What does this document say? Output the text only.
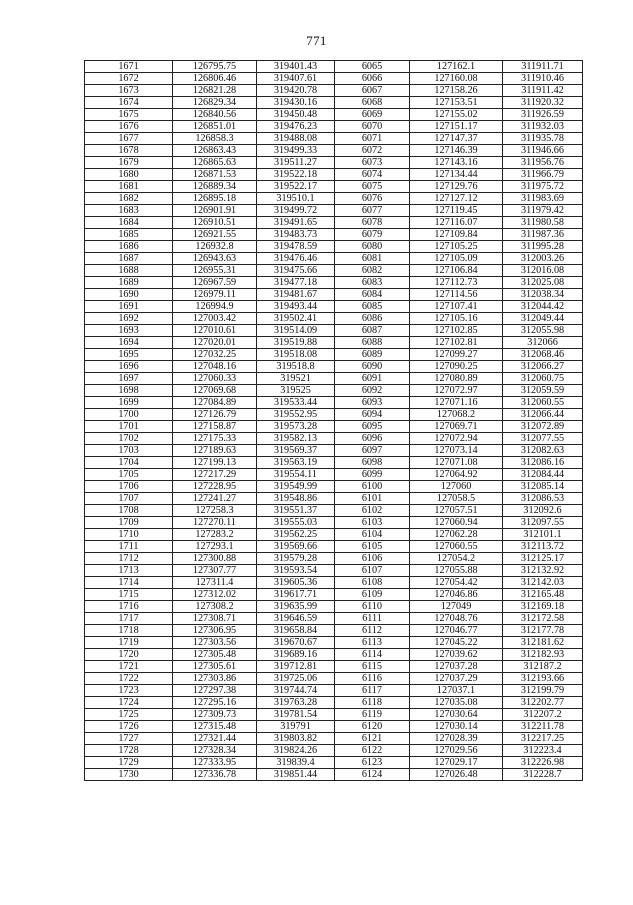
771
1671	126795.75	319401.43	6065	127162.1	311911.71
1672	126806.46	319407.61	6066	127160.08	311910.46
1673	126821.28	319420.78	6067	127158.26	311911.42
1674	126829.34	319430.16	6068	127153.51	311920.32
1675	126840.56	319450.48	6069	127155.02	311926.59
1676	126851.01	319476.23	6070	127151.17	311932.03
1677	126858.3	319488.08	6071	127147.37	311935.78
1678	126863.43	319499.33	6072	127146.39	311946.66
1679	126865.63	319511.27	6073	127143.16	311956.76
1680	126871.53	319522.18	6074	127134.44	311966.79
1681	126889.34	319522.17	6075	127129.76	311975.72
1682	126895.18	319510.1	6076	127127.12	311983.69
1683	126901.91	319499.72	6077	127119.45	311979.42
1684	126910.51	319491.65	6078	127116.07	311980.58
1685	126921.55	319483.73	6079	127109.84	311987.36
1686	126932.8	319478.59	6080	127105.25	311995.28
1687	126943.63	319476.46	6081	127105.09	312003.26
1688	126955.31	319475.66	6082	127106.84	312016.08
1689	126967.59	319477.18	6083	127112.73	312025.08
1690	126979.11	319481.67	6084	127114.56	312038.34
1691	126994.9	319493.44	6085	127107.41	312044.42
1692	127003.42	319502.41	6086	127105.16	312049.44
1693	127010.61	319514.09	6087	127102.85	312055.98
1694	127020.01	319519.88	6088	127102.81	312066
1695	127032.25	319518.08	6089	127099.27	312068.46
1696	127048.16	319518.8	6090	127090.25	312066.27
1697	127060.33	319521	6091	127080.89	312060.75
1698	127069.68	319525	6092	127072.97	312059.59
1699	127084.89	319533.44	6093	127071.16	312060.55
1700	127126.79	319552.95	6094	127068.2	312066.44
1701	127158.87	319573.28	6095	127069.71	312072.89
1702	127175.33	319582.13	6096	127072.94	312077.55
1703	127189.63	319569.37	6097	127073.14	312082.63
1704	127199.13	319563.19	6098	127071.08	312086.16
1705	127217.29	319554.11	6099	127064.92	312084.44
1706	127228.95	319549.99	6100	127060	312085.14
1707	127241.27	319548.86	6101	127058.5	312086.53
1708	127258.3	319551.37	6102	127057.51	312092.6
1709	127270.11	319555.03	6103	127060.94	312097.55
1710	127283.2	319562.25	6104	127062.28	312101.1
1711	127293.1	319569.66	6105	127060.55	312113.72
1712	127300.88	319579.28	6106	127054.2	312125.17
1713	127307.77	319593.54	6107	127055.88	312132.92
1714	127311.4	319605.36	6108	127054.42	312142.03
1715	127312.02	319617.71	6109	127046.86	312165.48
1716	127308.2	319635.99	6110	127049	312169.18
1717	127308.71	319646.59	6111	127048.76	312172.58
1718	127306.95	319658.84	6112	127046.77	312177.78
1719	127303.56	319670.67	6113	127045.22	312181.62
1720	127305.48	319689.16	6114	127039.62	312182.93
1721	127305.61	319712.81	6115	127037.28	312187.2
1722	127303.86	319725.06	6116	127037.29	312193.66
1723	127297.38	319744.74	6117	127037.1	312199.79
1724	127295.16	319763.28	6118	127035.08	312202.77
1725	127309.73	319781.54	6119	127030.64	312207.2
1726	127315.48	319791	6120	127030.14	312211.78
1727	127321.44	319803.82	6121	127028.39	312217.25
1728	127328.34	319824.26	6122	127029.56	312223.4
1729	127333.95	319839.4	6123	127029.17	312226.98
1730	127336.78	319851.44	6124	127026.48	312228.7
